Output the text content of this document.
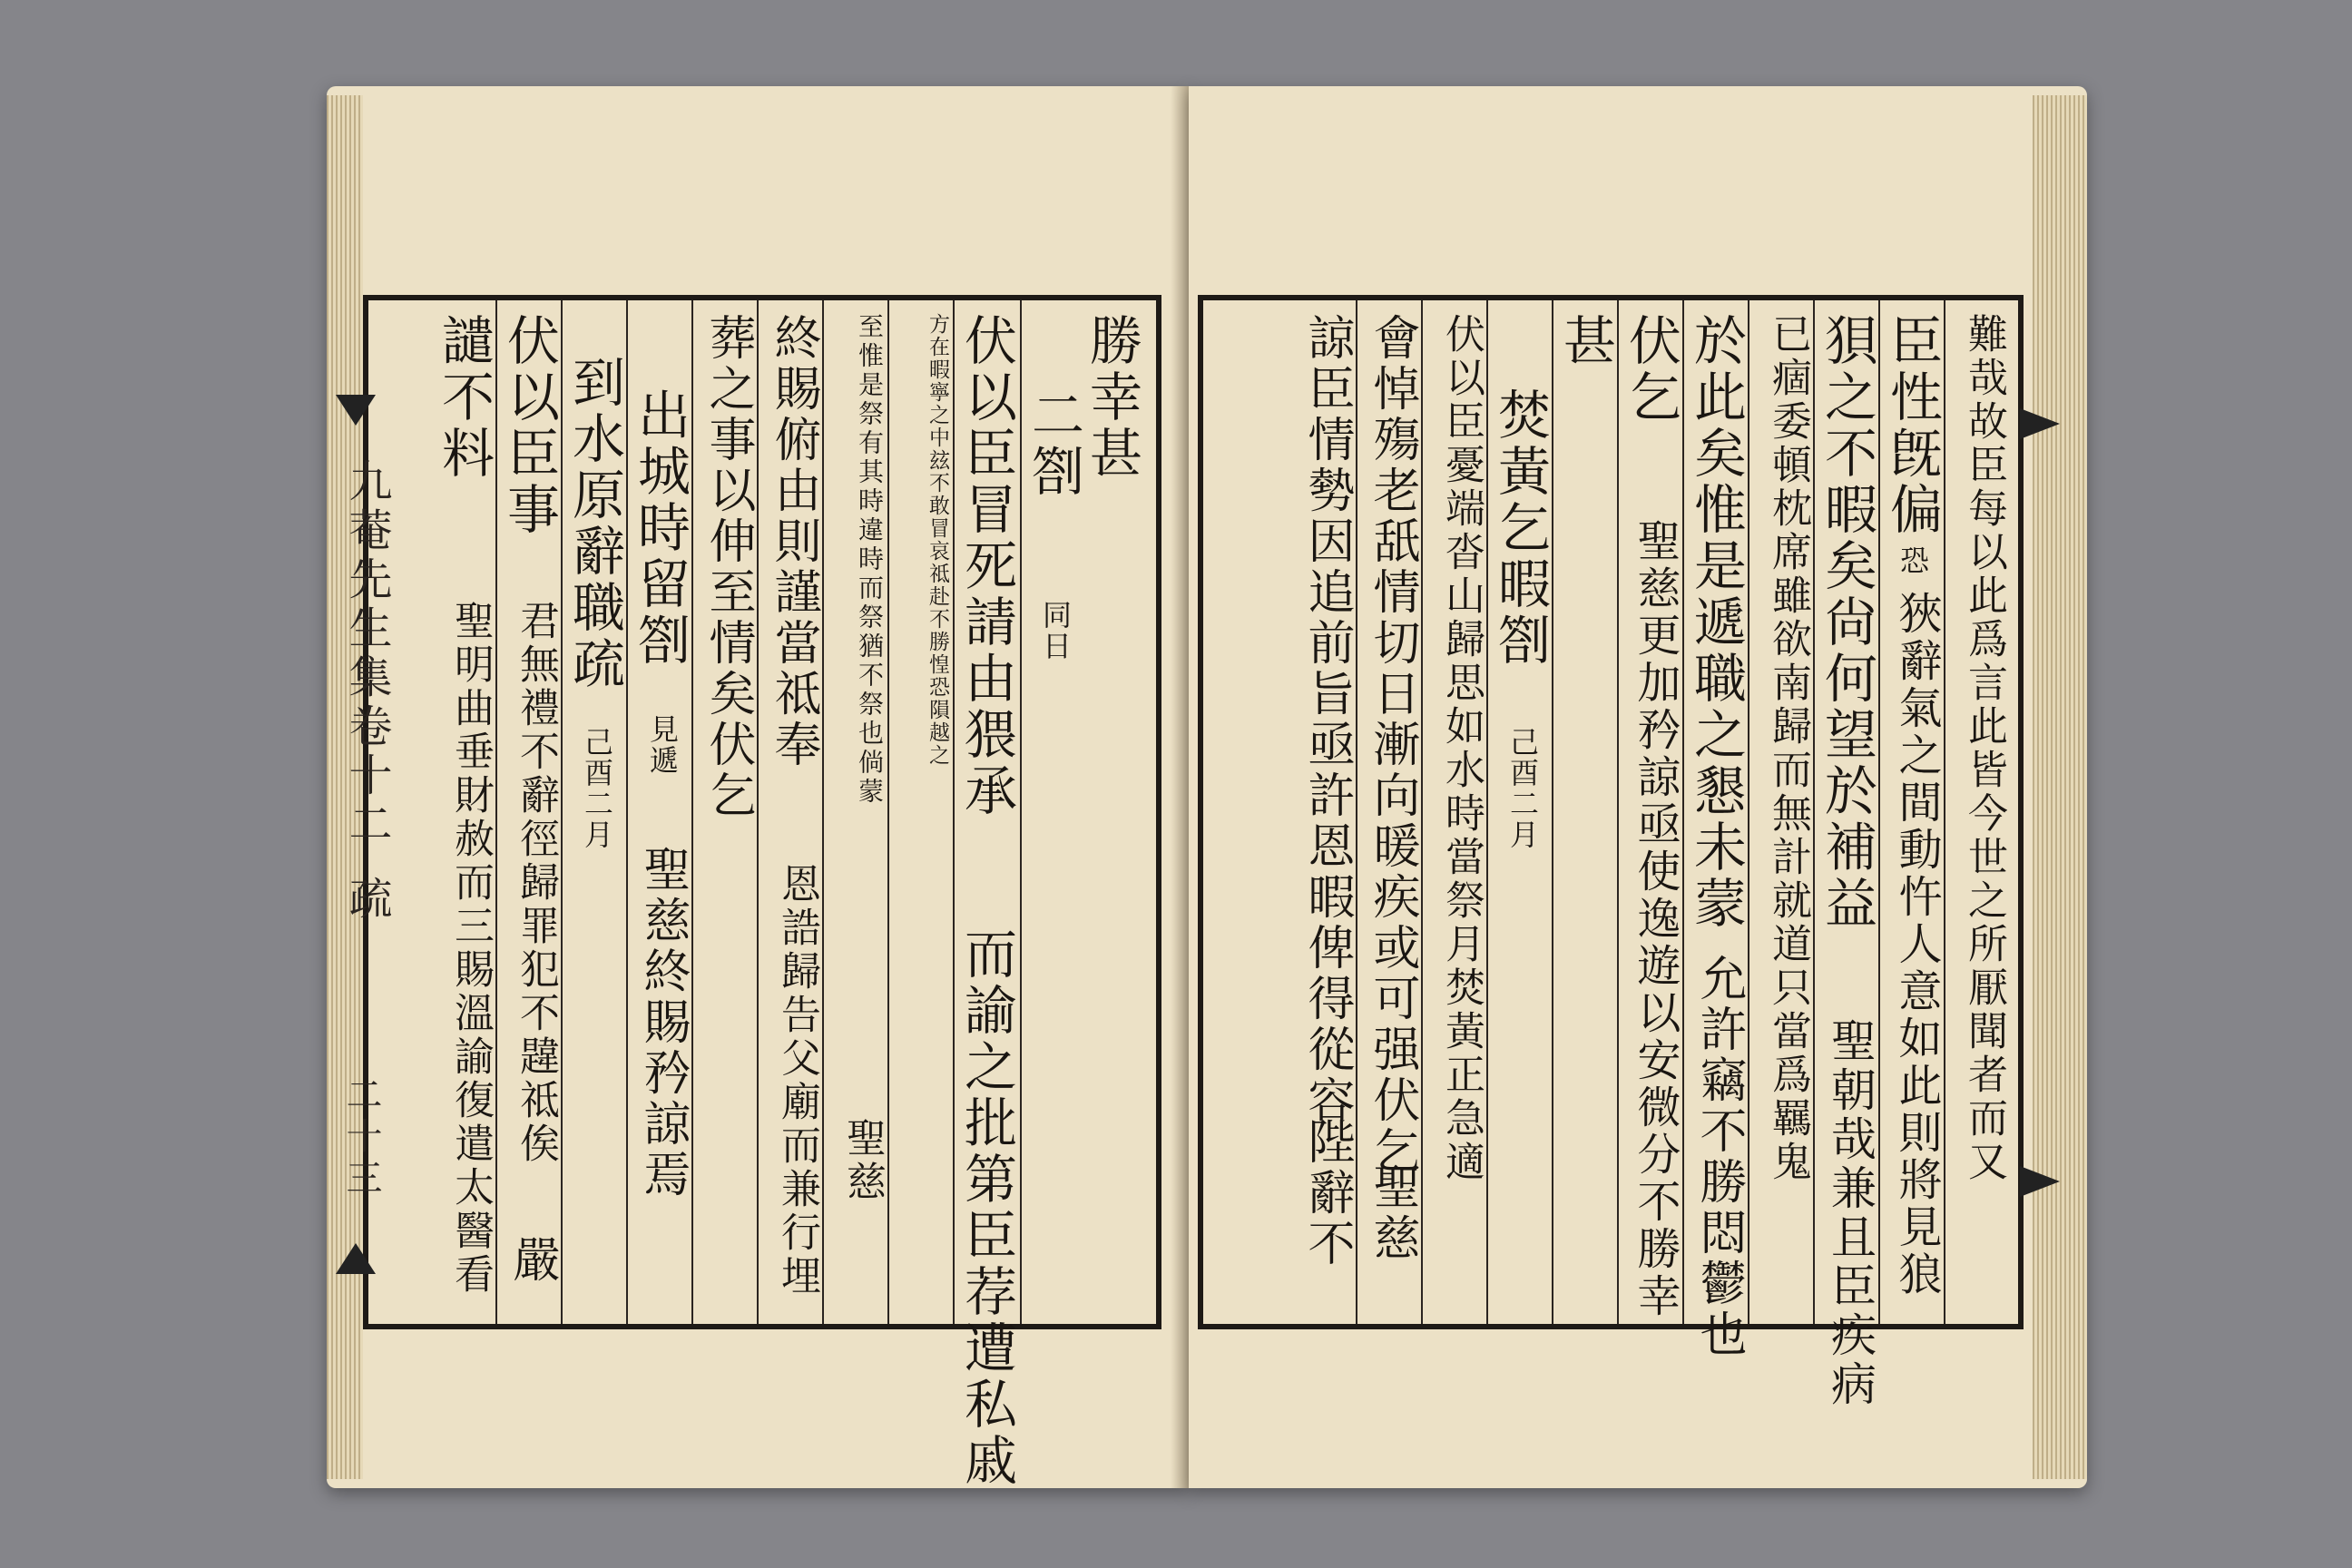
勝幸甚
二劄
同日
伏以臣冒死請由猥承
而諭之批第臣荐遭私戚
方在暇寧之中玆不敢冒哀祗赴不勝惶恐隕越之
至惟是祭有其時違時而祭猶不祭也倘蒙
聖慈
終賜俯由則謹當祗奉
恩誥歸告父廟而兼行埋
葬之事以伸至情矣伏乞
出城時留劄
見遞
聖慈終賜矜諒焉
到水原辭職疏
己酉二月
伏以臣事
君無禮不辭徑歸罪犯不韙祗俟
嚴
譴不料
聖明曲垂財赦而三賜溫諭復遣太醫看
九菴先生集卷十二
疏
二十三	難哉故臣每以此爲言此皆今世之所厭聞者而又
臣性旣偏
恐
狹辭氣之間動忤人意如此則將見狼
狽之不暇矣尙何望於補益
聖朝哉兼且臣疾病
已痼委頓枕席雖欲南歸而無計就道只當爲羈鬼
於此矣惟是遞職之懇未蒙
允許竊不勝悶鬱也
伏乞
聖慈更加矜諒亟使逸遊以安微分不勝幸
甚
焚黃乞暇劄
己酉二月
伏以臣憂端沓山歸思如水時當祭月焚黃正急適
會悼殤老舐情切日漸向暖疾或可强伏乞
聖慈
諒臣情勢因追前旨亟許恩暇俾得從容
陛辭不
